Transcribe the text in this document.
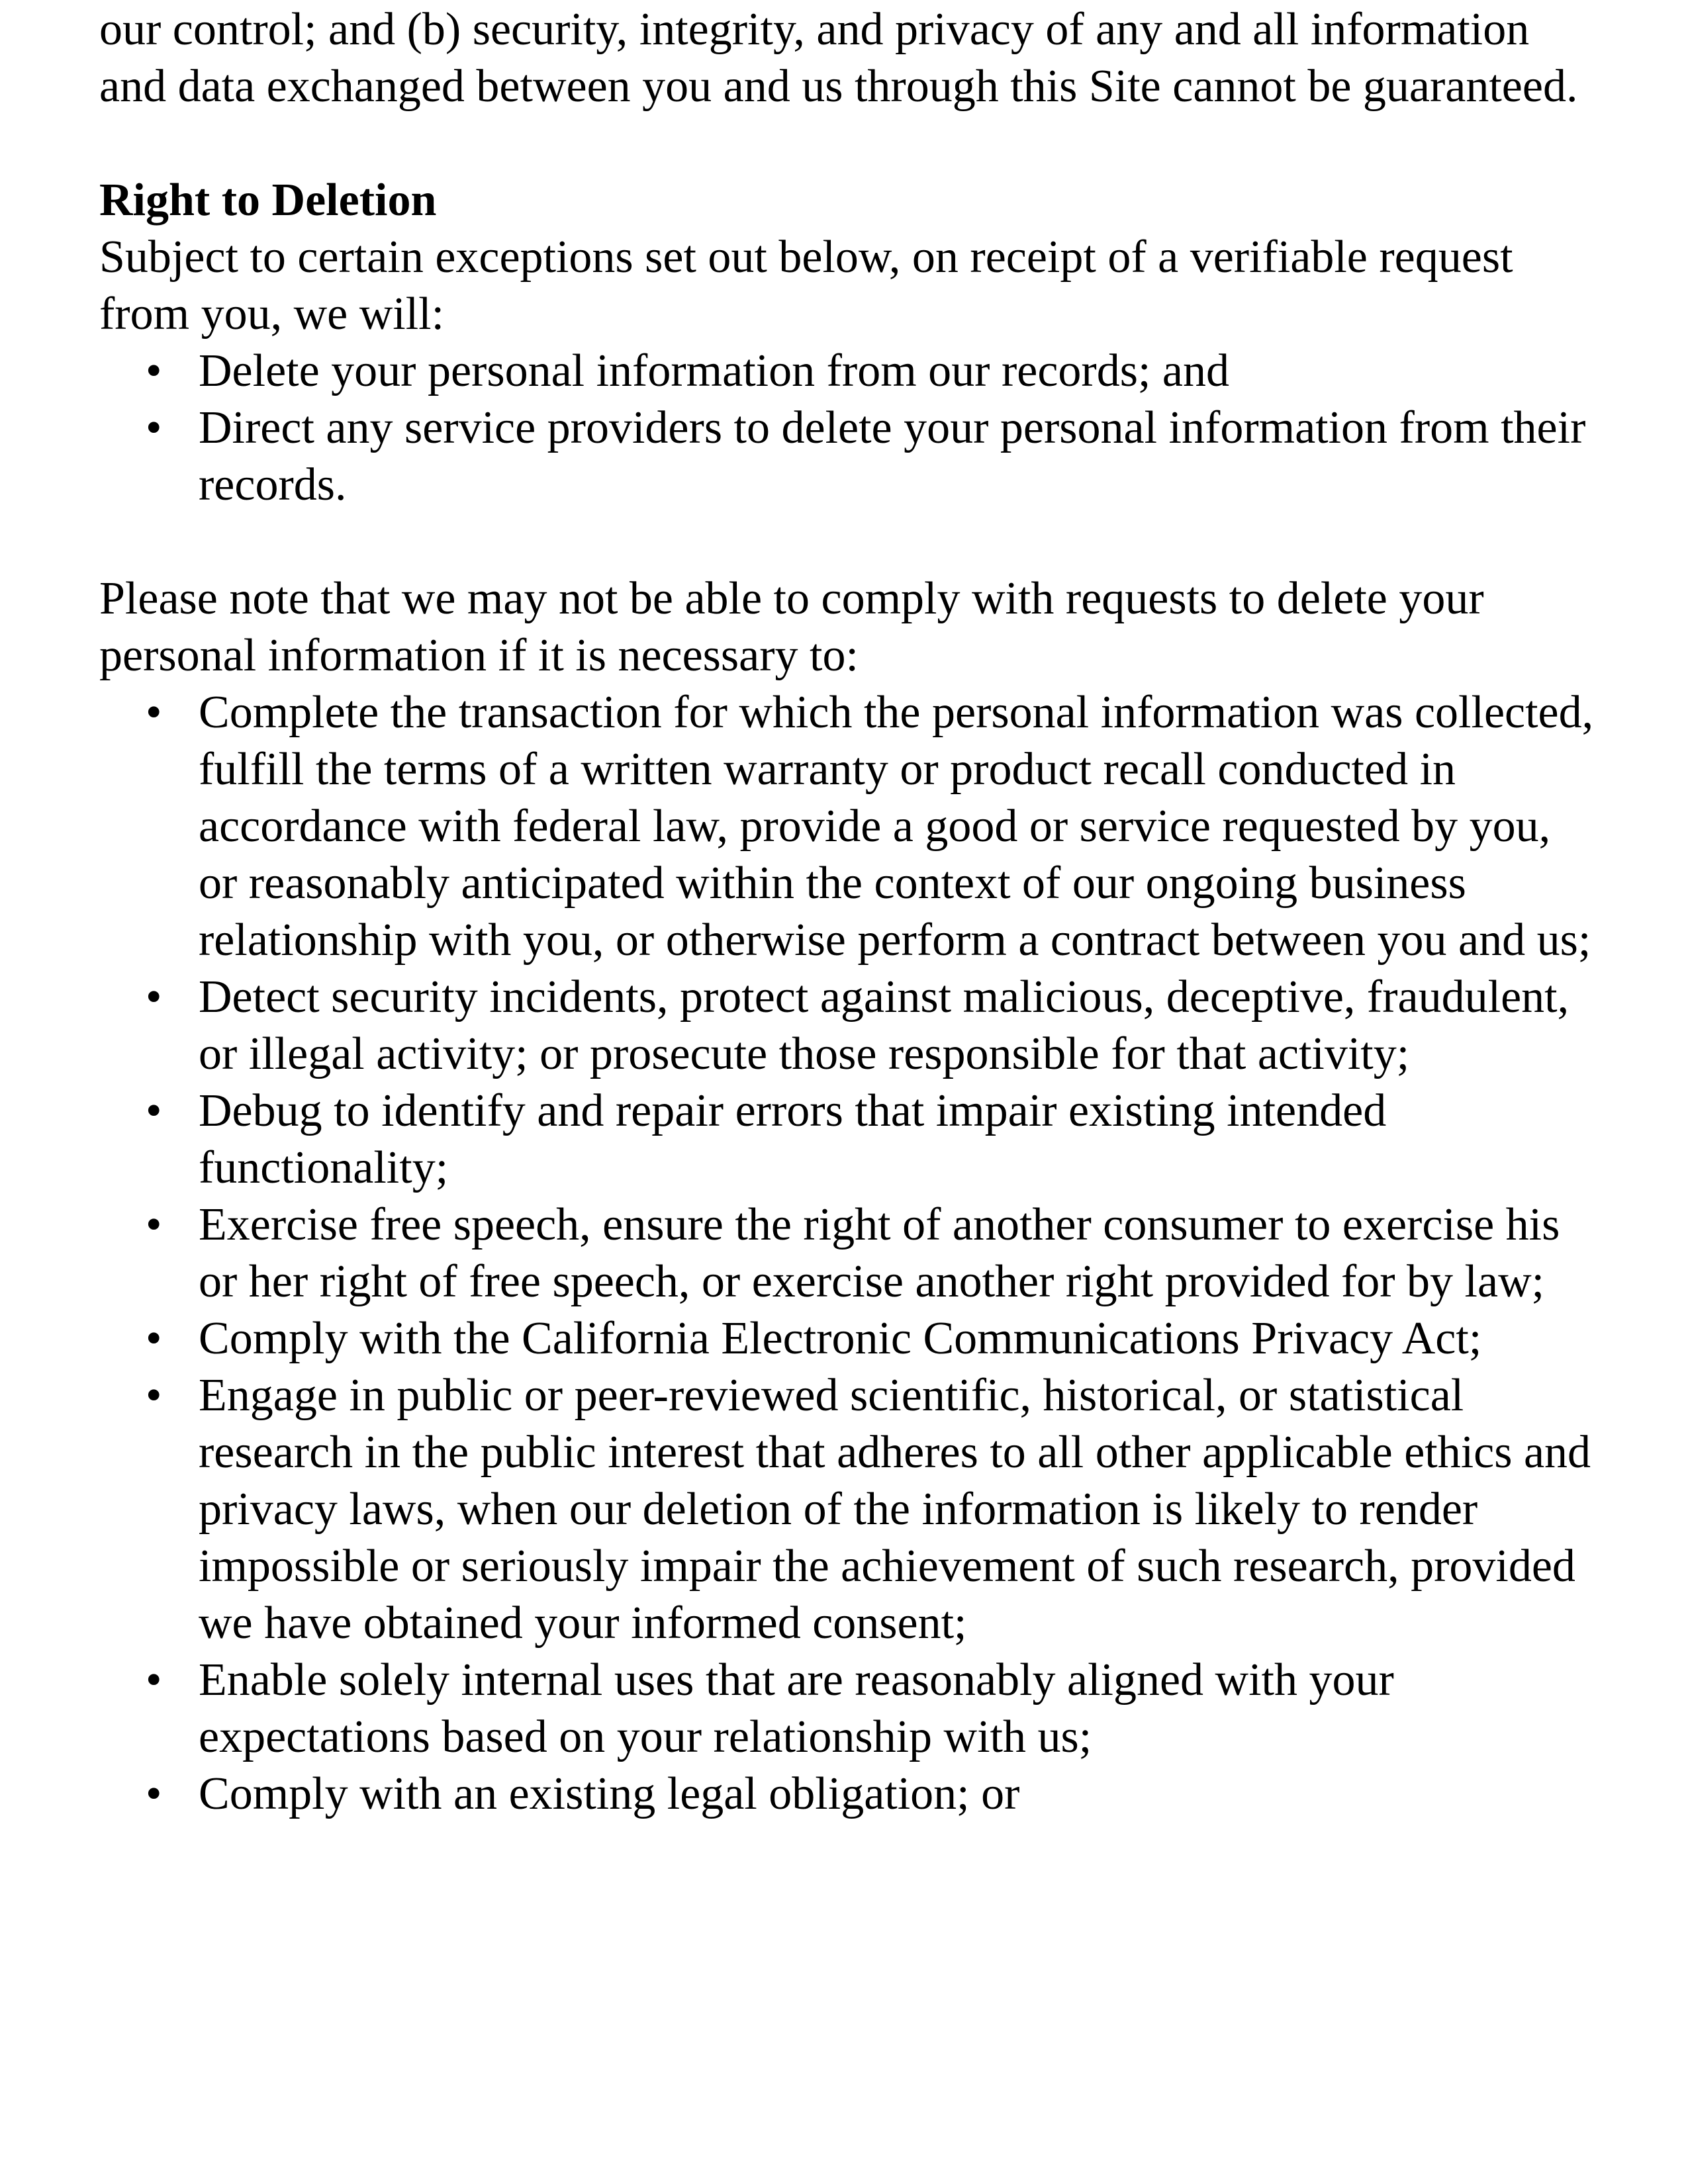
our control; and (b) security, integrity, and privacy of any and all information and data exchanged between you and us through this Site cannot be guaranteed.

Right to Deletion

Subject to certain exceptions set out below, on receipt of a verifiable request from you, we will:

• Delete your personal information from our records; and
• Direct any service providers to delete your personal information from their records.

Please note that we may not be able to comply with requests to delete your personal information if it is necessary to:

• Complete the transaction for which the personal information was collected, fulfill the terms of a written warranty or product recall conducted in accordance with federal law, provide a good or service requested by you, or reasonably anticipated within the context of our ongoing business relationship with you, or otherwise perform a contract between you and us;
• Detect security incidents, protect against malicious, deceptive, fraudulent, or illegal activity; or prosecute those responsible for that activity;
• Debug to identify and repair errors that impair existing intended functionality;
• Exercise free speech, ensure the right of another consumer to exercise his or her right of free speech, or exercise another right provided for by law;
• Comply with the California Electronic Communications Privacy Act;
• Engage in public or peer-reviewed scientific, historical, or statistical research in the public interest that adheres to all other applicable ethics and privacy laws, when our deletion of the information is likely to render impossible or seriously impair the achievement of such research, provided we have obtained your informed consent;
• Enable solely internal uses that are reasonably aligned with your expectations based on your relationship with us;
• Comply with an existing legal obligation; or
